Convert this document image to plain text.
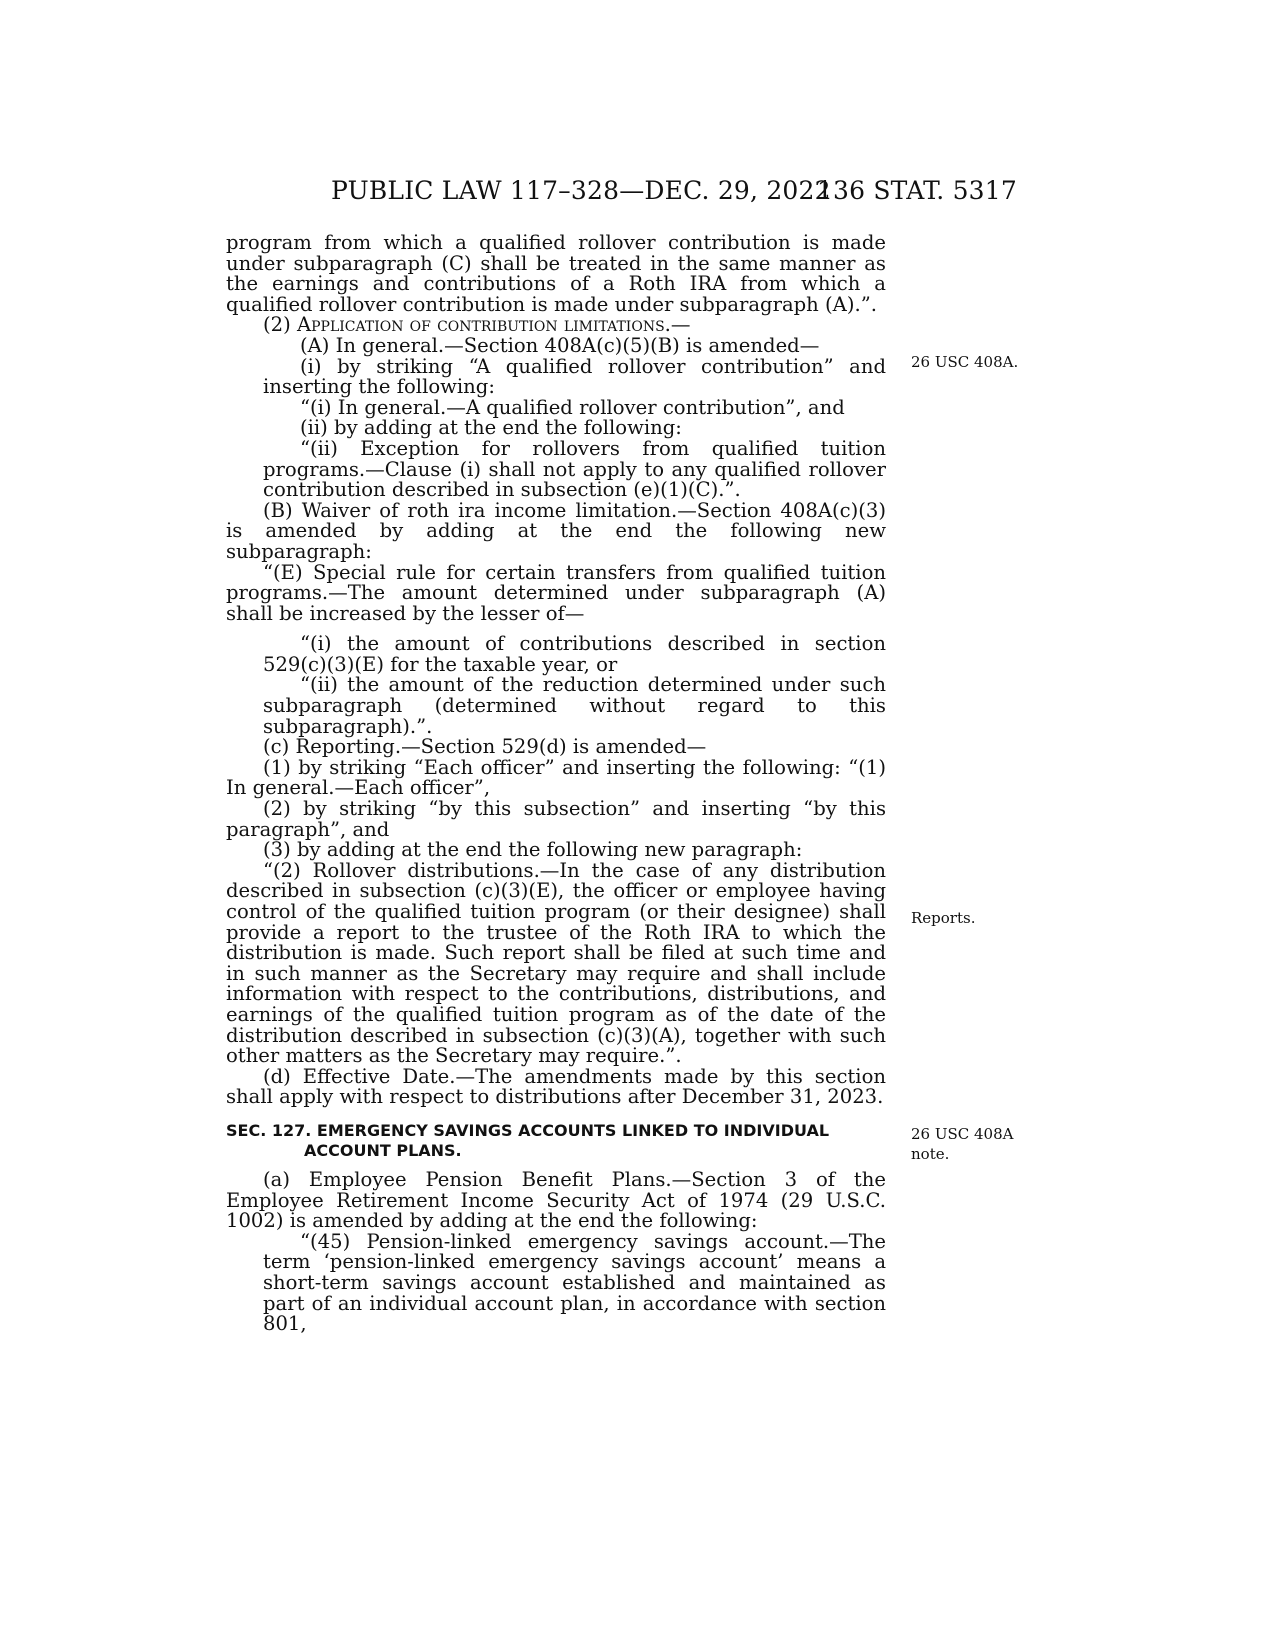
PUBLIC LAW 117–328—DEC. 29, 2022
136 STAT. 5317

program from which a qualified rollover contribution is made under subparagraph (C) shall be treated in the same manner as the earnings and contributions of a Roth IRA from which a qualified rollover contribution is made under subparagraph (A).”.

(2) Application of contribution limitations.—

(A) In general.—Section 408A(c)(5)(B) is amended—

(i) by striking “A qualified rollover contribution” and inserting the following:

“(i) In general.—A qualified rollover contribution”, and

(ii) by adding at the end the following:

“(ii) Exception for rollovers from qualified tuition programs.—Clause (i) shall not apply to any qualified rollover contribution described in subsection (e)(1)(C).”.

(B) Waiver of roth ira income limitation.—Section 408A(c)(3) is amended by adding at the end the following new subparagraph:

“(E) Special rule for certain transfers from qualified tuition programs.—The amount determined under subparagraph (A) shall be increased by the lesser of—

“(i) the amount of contributions described in section 529(c)(3)(E) for the taxable year, or

“(ii) the amount of the reduction determined under such subparagraph (determined without regard to this subparagraph).”.

(c) Reporting.—Section 529(d) is amended—

(1) by striking “Each officer” and inserting the following: “(1) In general.—Each officer”,

(2) by striking “by this subsection” and inserting “by this paragraph”, and

(3) by adding at the end the following new paragraph:

“(2) Rollover distributions.—In the case of any distribution described in subsection (c)(3)(E), the officer or employee having control of the qualified tuition program (or their designee) shall provide a report to the trustee of the Roth IRA to which the distribution is made. Such report shall be filed at such time and in such manner as the Secretary may require and shall include information with respect to the contributions, distributions, and earnings of the qualified tuition program as of the date of the distribution described in subsection (c)(3)(A), together with such other matters as the Secretary may require.”.

(d) Effective Date.—The amendments made by this section shall apply with respect to distributions after December 31, 2023.

SEC. 127. EMERGENCY SAVINGS ACCOUNTS LINKED TO INDIVIDUAL ACCOUNT PLANS.

(a) Employee Pension Benefit Plans.—Section 3 of the Employee Retirement Income Security Act of 1974 (29 U.S.C. 1002) is amended by adding at the end the following:

“(45) Pension-linked emergency savings account.—The term ‘pension-linked emergency savings account’ means a short-term savings account established and maintained as part of an individual account plan, in accordance with section 801,

26 USC 408A.
Reports.
26 USC 408A
note.
